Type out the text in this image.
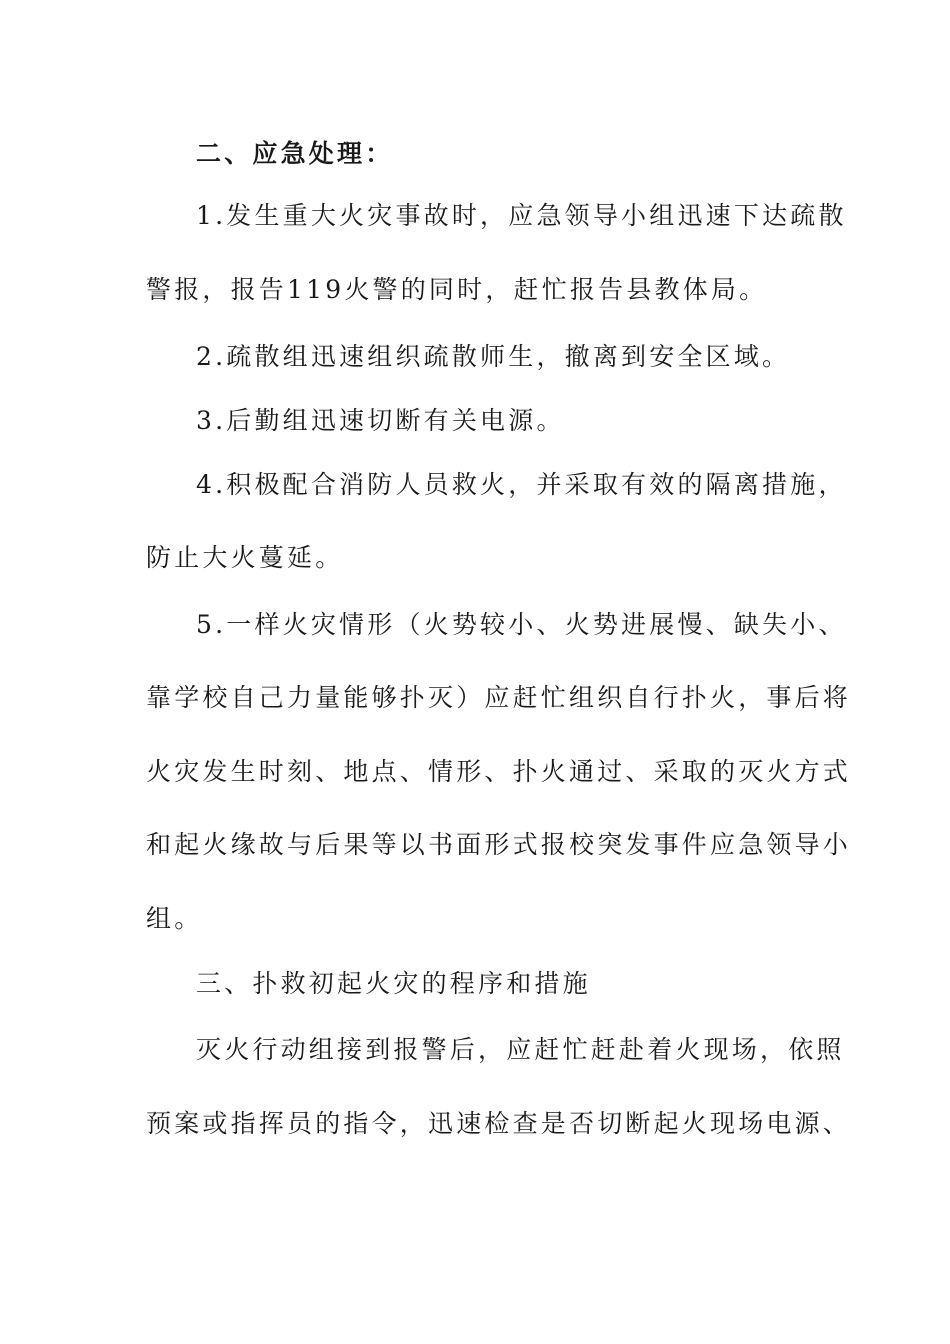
二、应急处理：
1.发生重大火灾事故时，应急领导小组迅速下达疏散
警报，报告119火警的同时，赶忙报告县教体局。
2.疏散组迅速组织疏散师生，撤离到安全区域。
3.后勤组迅速切断有关电源。
4.积极配合消防人员救火，并采取有效的隔离措施，
防止大火蔓延。
5.一样火灾情形（火势较小、火势进展慢、缺失小、
靠学校自己力量能够扑灭）应赶忙组织自行扑火，事后将
火灾发生时刻、地点、情形、扑火通过、采取的灭火方式
和起火缘故与后果等以书面形式报校突发事件应急领导小
组。
三、扑救初起火灾的程序和措施
灭火行动组接到报警后，应赶忙赶赴着火现场，依照
预案或指挥员的指令，迅速检查是否切断起火现场电源、
